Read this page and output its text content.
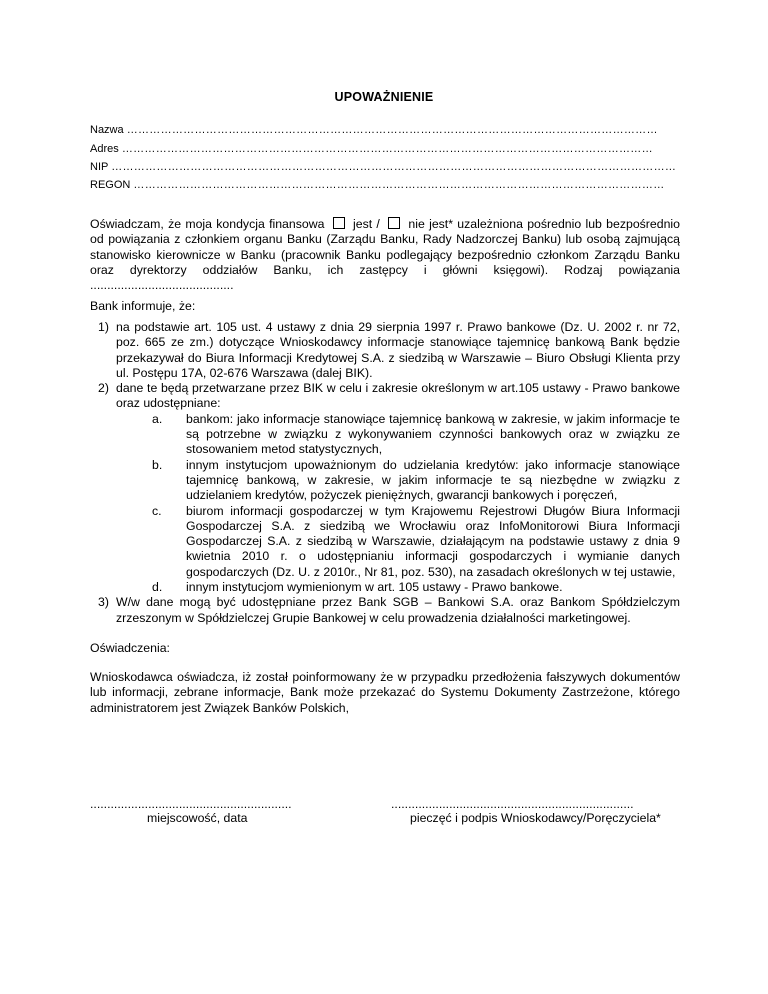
UPOWAŻNIENIE
Nazwa ……………………………………………………………………………………………………………………………
Adres ……………………………………………………………………………………………………………………………
NIP ……………………………………………………………………………………………………………………………………
REGON ……………………………………………………………………………………………………………………………
Oświadczam, że moja kondycja finansowa jest / nie jest* uzależniona pośrednio lub bezpośrednio od powiązania z członkiem organu Banku (Zarządu Banku, Rady Nadzorczej Banku) lub osobą zajmującą stanowisko kierownicze w Banku (pracownik Banku podlegający bezpośrednio członkom Zarządu Banku oraz dyrektorzy oddziałów Banku, ich zastępcy i główni księgowi). Rodzaj powiązania ..........................................
Bank informuje, że:
1) na podstawie art. 105 ust. 4 ustawy z dnia 29 sierpnia 1997 r. Prawo bankowe (Dz. U. 2002 r. nr 72, poz. 665 ze zm.) dotyczące Wnioskodawcy informacje stanowiące tajemnicę bankową Bank będzie przekazywał do Biura Informacji Kredytowej S.A. z siedzibą w Warszawie – Biuro Obsługi Klienta przy ul. Postępu 17A, 02-676 Warszawa (dalej BIK).
2) dane te będą przetwarzane przez BIK w celu i zakresie określonym w art.105 ustawy - Prawo bankowe oraz udostępniane:
a.	bankom: jako informacje stanowiące tajemnicę bankową w zakresie, w jakim informacje te są potrzebne w związku z wykonywaniem czynności bankowych oraz w związku ze stosowaniem metod statystycznych,
b.	innym instytucjom upoważnionym do udzielania kredytów: jako informacje stanowiące tajemnicę bankową, w zakresie, w jakim informacje te są niezbędne w związku z udzielaniem kredytów, pożyczek pieniężnych, gwarancji bankowych i poręczeń,
c.	biurom informacji gospodarczej w tym Krajowemu Rejestrowi Długów Biura Informacji Gospodarczej S.A. z siedzibą we Wrocławiu oraz InfoMonitorowi Biura Informacji Gospodarczej S.A. z siedzibą w Warszawie, działającym na podstawie ustawy z dnia 9 kwietnia 2010 r. o udostępnianiu informacji gospodarczych i wymianie danych gospodarczych (Dz. U. z 2010r., Nr 81, poz. 530), na zasadach określonych w tej ustawie,
d.	innym instytucjom wymienionym w art. 105 ustawy - Prawo bankowe.
3) W/w dane mogą być udostępniane przez Bank SGB – Bankowi S.A. oraz Bankom Spółdzielczym zrzeszonym w Spółdzielczej Grupie Bankowej w celu prowadzenia działalności marketingowej.
Oświadczenia:
Wnioskodawca oświadcza, iż został poinformowany że w przypadku przedłożenia fałszywych dokumentów lub informacji, zebrane informacje, Bank może przekazać do Systemu Dokumenty Zastrzeżone, którego administratorem jest Związek Banków Polskich,
...........................................................
miejscowość, data
.......................................................................
pieczęć i podpis Wnioskodawcy/Poręczyciela*
